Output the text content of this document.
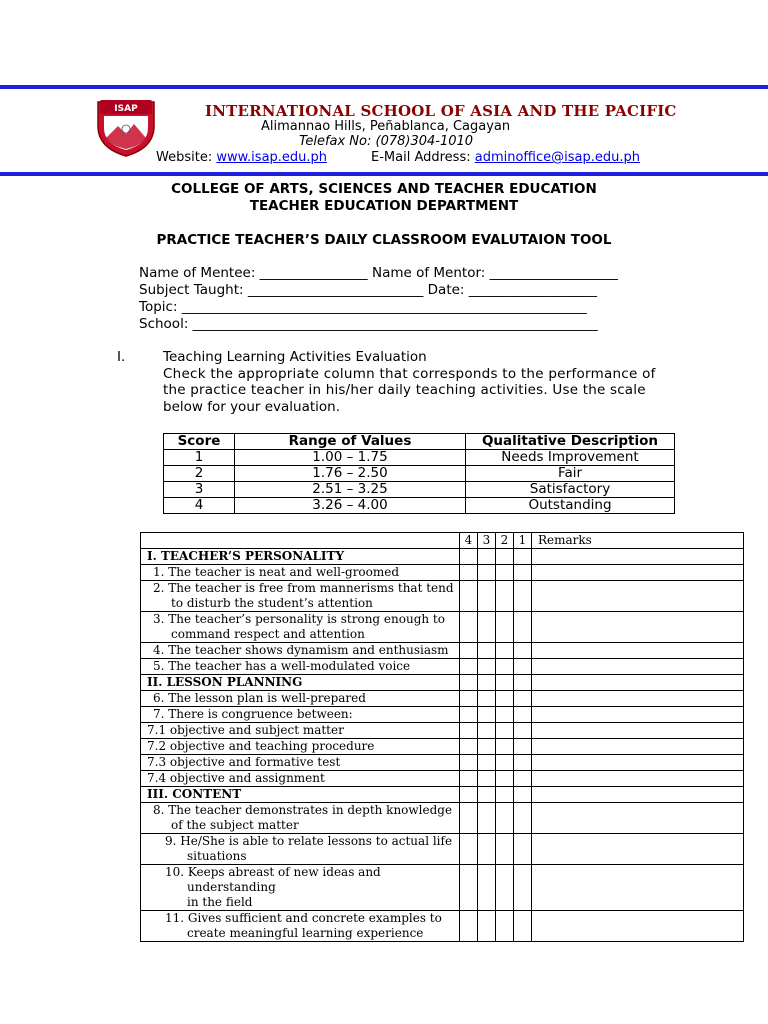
ISAP	INTERNATIONAL SCHOOL OF ASIA AND THE PACIFIC
Alimannao Hills, Peñablanca, Cagayan
Telefax No: (078)304-1010
Website: www.isap.edu.ph	E-Mail Address: adminoffice@isap.edu.ph
COLLEGE OF ARTS, SCIENCES AND TEACHER EDUCATION
TEACHER EDUCATION DEPARTMENT
PRACTICE TEACHER’S DAILY CLASSROOM EVALUTAION TOOL
Name of Mentee: ________________ Name of Mentor: ___________________
Subject Taught: __________________________ Date: ___________________
Topic: ____________________________________________________________
School: ____________________________________________________________
I.	Teaching Learning Activities Evaluation
Check the appropriate column that corresponds to the performance of
the practice teacher in his/her daily teaching activities. Use the scale
below for your evaluation.
Score	Range of Values	Qualitative Description
1	1.00 – 1.75	Needs Improvement
2	1.76 – 2.50	Fair
3	2.51 – 3.25	Satisfactory
4	3.26 – 4.00	Outstanding
	4	3	2	1	Remarks
I. TEACHER’S PERSONALITY					

1. The teacher is neat and well-groomed					

2. The teacher is free from mannerisms that tend
to disturb the student’s attention					

3. The teacher’s personality is strong enough to
command respect and attention					

4. The teacher shows dynamism and enthusiasm					

5. The teacher has a well-modulated voice					

II. LESSON PLANNING					

6. The lesson plan is well-prepared					

7. There is congruence between:					

7.1 objective and subject matter					
7.2 objective and teaching procedure					
7.3 objective and formative test					
7.4 objective and assignment					
III. CONTENT					

8. The teacher demonstrates in depth knowledge
of the subject matter					

9. He/She is able to relate lessons to actual life
situations					

10. Keeps abreast of new ideas and understanding
in the field					

11. Gives sufficient and concrete examples to
create meaningful learning experience					
